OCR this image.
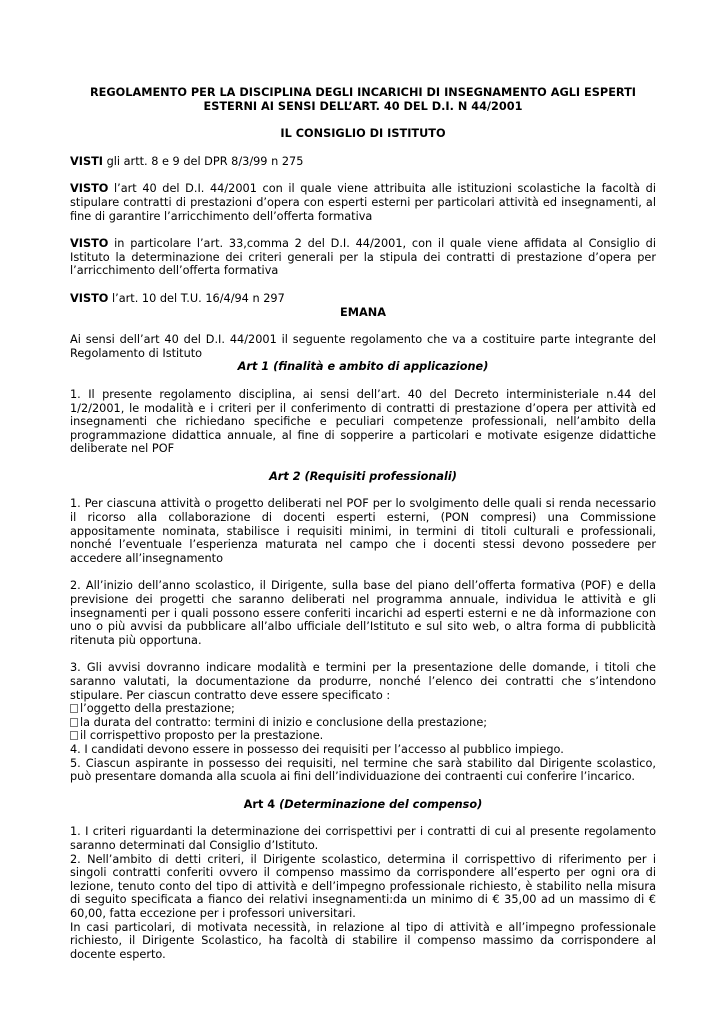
REGOLAMENTO PER LA DISCIPLINA DEGLI INCARICHI DI INSEGNAMENTO AGLI ESPERTI ESTERNI AI SENSI DELL’ART. 40 DEL D.I. N 44/2001

IL CONSIGLIO DI ISTITUTO

VISTI gli artt. 8 e 9 del DPR 8/3/99 n 275

VISTO l’art 40 del D.I. 44/2001 con il quale viene attribuita alle istituzioni scolastiche la facoltà di stipulare contratti di prestazioni d’opera con esperti esterni per particolari attività ed insegnamenti, al fine di garantire l’arricchimento dell’offerta formativa

VISTO in particolare l’art. 33,comma 2 del D.I. 44/2001, con il quale viene affidata al Consiglio di Istituto la determinazione dei criteri generali per la stipula dei contratti di prestazione d’opera per l’arricchimento dell’offerta formativa

VISTO l’art. 10 del T.U. 16/4/94 n 297

EMANA

Ai sensi dell’art 40 del D.I. 44/2001 il seguente regolamento che va a costituire parte integrante del Regolamento di Istituto

Art 1 (finalità e ambito di applicazione)

1. Il presente regolamento disciplina, ai sensi dell’art. 40 del Decreto interministeriale n.44 del 1/2/2001, le modalità e i criteri per il conferimento di contratti di prestazione d’opera per attività ed insegnamenti che richiedano specifiche e peculiari competenze professionali, nell’ambito della programmazione didattica annuale, al fine di sopperire a particolari e motivate esigenze didattiche deliberate nel POF

Art 2 (Requisiti professionali)

1. Per ciascuna attività o progetto deliberati nel POF per lo svolgimento delle quali si renda necessario il ricorso alla collaborazione di docenti esperti esterni, (PON compresi) una Commissione appositamente nominata, stabilisce i requisiti minimi, in termini di titoli culturali e professionali, nonché l’eventuale l’esperienza maturata nel campo che i docenti stessi devono possedere per accedere all’insegnamento

2. All’inizio dell’anno scolastico, il Dirigente, sulla base del piano dell’offerta formativa (POF) e della previsione dei progetti che saranno deliberati nel programma annuale, individua le attività e gli insegnamenti per i quali possono essere conferiti incarichi ad esperti esterni e ne dà informazione con uno o più avvisi da pubblicare all’albo ufficiale dell’Istituto e sul sito web, o altra forma di pubblicità ritenuta più opportuna.

3. Gli avvisi dovranno indicare modalità e termini per la presentazione delle domande, i titoli che saranno valutati, la documentazione da produrre, nonché l’elenco dei contratti che s’intendono stipulare. Per ciascun contratto deve essere specificato :

l’oggetto della prestazione;

la durata del contratto: termini di inizio e conclusione della prestazione;

il corrispettivo proposto per la prestazione.

4. I candidati devono essere in possesso dei requisiti per l’accesso al pubblico impiego.

5. Ciascun aspirante in possesso dei requisiti, nel termine che sarà stabilito dal Dirigente scolastico, può presentare domanda alla scuola ai fini dell’individuazione dei contraenti cui conferire l’incarico.

Art 4 (Determinazione del compenso)

1. I criteri riguardanti la determinazione dei corrispettivi per i contratti di cui al presente regolamento saranno determinati dal Consiglio d’Istituto.

2. Nell’ambito di detti criteri, il Dirigente scolastico, determina il corrispettivo di riferimento per i singoli contratti conferiti ovvero il compenso massimo da corrispondere all’esperto per ogni ora di lezione, tenuto conto del tipo di attività e dell’impegno professionale richiesto, è stabilito nella misura di seguito specificata a fianco dei relativi insegnamenti:da un minimo di € 35,00 ad un massimo di € 60,00, fatta eccezione per i professori universitari.

In casi particolari, di motivata necessità, in relazione al tipo di attività e all’impegno professionale richiesto, il Dirigente Scolastico, ha facoltà di stabilire il compenso massimo da corrispondere al docente esperto.
